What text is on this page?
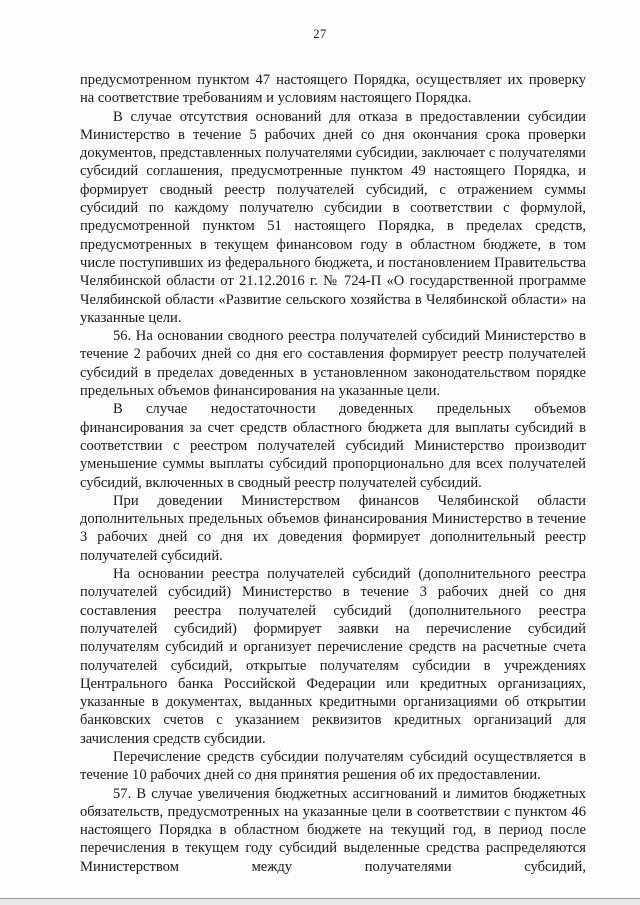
27

предусмотренном пунктом 47 настоящего Порядка, осуществляет их проверку на соответствие требованиям и условиям настоящего Порядка.

В случае отсутствия оснований для отказа в предоставлении субсидии Министерство в течение 5 рабочих дней со дня окончания срока проверки документов, представленных получателями субсидии, заключает с получателями субсидий соглашения, предусмотренные пунктом 49 настоящего Порядка, и формирует сводный реестр получателей субсидий, с отражением суммы субсидий по каждому получателю субсидии в соответствии с формулой, предусмотренной пунктом 51 настоящего Порядка, в пределах средств, предусмотренных в текущем финансовом году в областном бюджете, в том числе поступивших из федерального бюджета, и постановлением Правительства Челябинской области от 21.12.2016 г. № 724-П «О государственной программе Челябинской области «Развитие сельского хозяйства в Челябинской области» на указанные цели.

56. На основании сводного реестра получателей субсидий Министерство в течение 2 рабочих дней со дня его составления формирует реестр получателей субсидий в пределах доведенных в установленном законодательством порядке предельных объемов финансирования на указанные цели.

В случае недостаточности доведенных предельных объемов финансирования за счет средств областного бюджета для выплаты субсидий в соответствии с реестром получателей субсидий Министерство производит уменьшение суммы выплаты субсидий пропорционально для всех получателей субсидий, включенных в сводный реестр получателей субсидий.

При доведении Министерством финансов Челябинской области дополнительных предельных объемов финансирования Министерство в течение 3 рабочих дней со дня их доведения формирует дополнительный реестр получателей субсидий.

На основании реестра получателей субсидий (дополнительного реестра получателей субсидий) Министерство в течение 3 рабочих дней со дня составления реестра получателей субсидий (дополнительного реестра получателей субсидий) формирует заявки на перечисление субсидий получателям субсидий и организует перечисление средств на расчетные счета получателей субсидий, открытые получателям субсидии в учреждениях Центрального банка Российской Федерации или кредитных организациях, указанные в документах, выданных кредитными организациями об открытии банковских счетов с указанием реквизитов кредитных организаций для зачисления средств субсидии.

Перечисление средств субсидии получателям субсидий осуществляется в течение 10 рабочих дней со дня принятия решения об их предоставлении.

57. В случае увеличения бюджетных ассигнований и лимитов бюджетных обязательств, предусмотренных на указанные цели в соответствии с пунктом 46 настоящего Порядка в областном бюджете на текущий год, в период после перечисления в текущем году субсидий выделенные средства распределяются Министерством между получателями субсидий,
